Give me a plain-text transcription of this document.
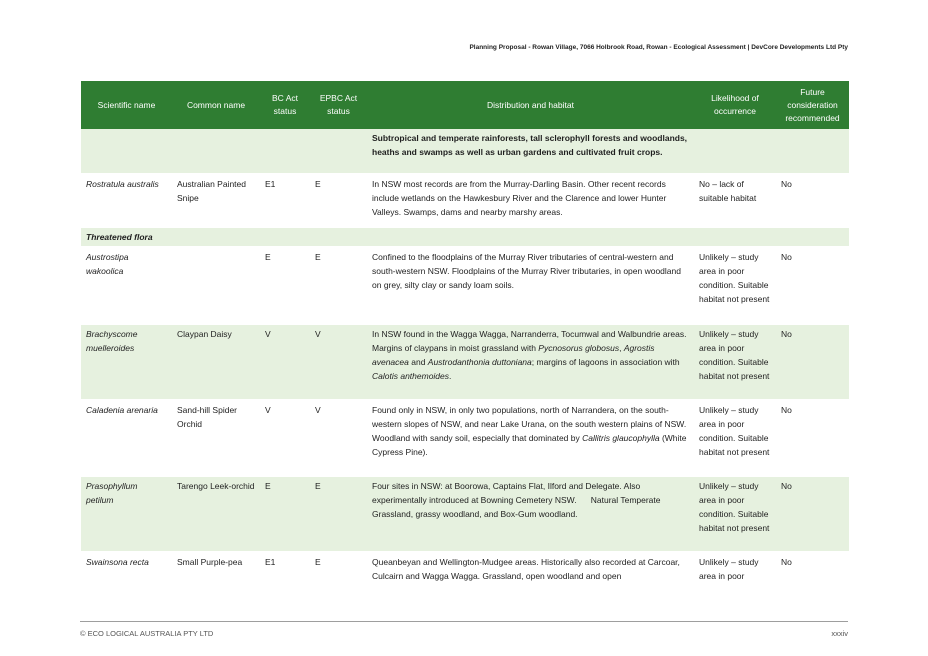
Planning Proposal - Rowan Village, 7066 Holbrook Road, Rowan - Ecological Assessment | DevCore Developments Ltd Pty
Scientific name	Common name	BC Act status	EPBC Act status	Distribution and habitat	Likelihood of occurrence	Future consideration recommended
				Subtropical and temperate rainforests, tall sclerophyll forests and woodlands, heaths and swamps as well as urban gardens and cultivated fruit crops.		
Rostratula australis	Australian Painted Snipe	E1	E	In NSW most records are from the Murray-Darling Basin. Other recent records include wetlands on the Hawkesbury River and the Clarence and lower Hunter Valleys. Swamps, dams and nearby marshy areas.	No – lack of suitable habitat	No
Threatened flora						
Austrostipa wakoolica		E	E	Confined to the floodplains of the Murray River tributaries of central-western and south-western NSW. Floodplains of the Murray River tributaries, in open woodland on grey, silty clay or sandy loam soils.	Unlikely – study area in poor condition. Suitable habitat not present	No
Brachyscome muelleroides	Claypan Daisy	V	V	In NSW found in the Wagga Wagga, Narranderra, Tocumwal and Walbundrie areas. Margins of claypans in moist grassland with Pycnosorus globosus, Agrostis avenacea and Austrodanthonia duttoniana; margins of lagoons in association with Calotis anthemoides.	Unlikely – study area in poor condition. Suitable habitat not present	No
Caladenia arenaria	Sand-hill Spider Orchid	V	V	Found only in NSW, in only two populations, north of Narrandera, on the south-western slopes of NSW, and near Lake Urana, on the south western plains of NSW. Woodland with sandy soil, especially that dominated by Callitris glaucophylla (White Cypress Pine).	Unlikely – study area in poor condition. Suitable habitat not present	No
Prasophyllum petilum	Tarengo Leek-orchid	E	E	Four sites in NSW: at Boorowa, Captains Flat, Ilford and Delegate. Also experimentally introduced at Bowning Cemetery NSW.      Natural Temperate Grassland, grassy woodland, and Box-Gum woodland.	Unlikely – study area in poor condition. Suitable habitat not present	No
Swainsona recta	Small Purple-pea	E1	E	Queanbeyan and Wellington-Mudgee areas. Historically also recorded at Carcoar, Culcairn and Wagga Wagga. Grassland, open woodland and open	Unlikely – study area in poor	No
© ECO LOGICAL AUSTRALIA PTY LTD	xxxiv
